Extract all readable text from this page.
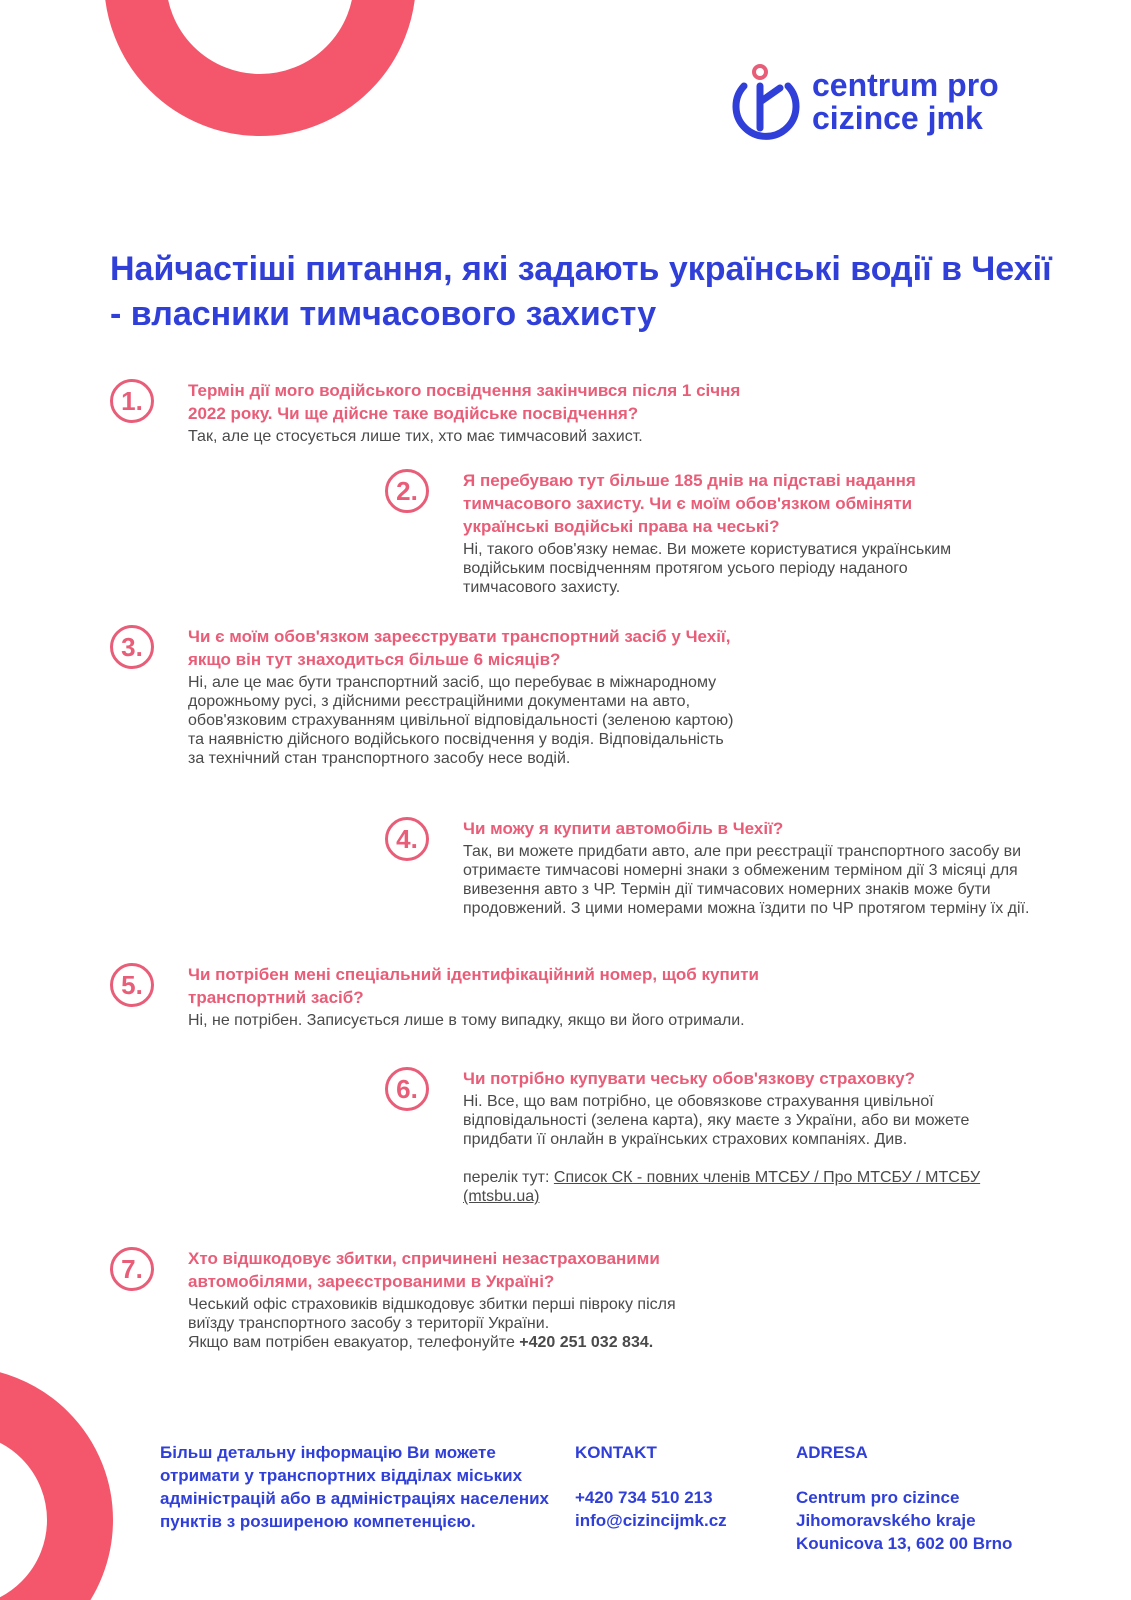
centrum pro
cizince jmk
Найчастіші питання, які задають українські водії в Чехії - власники тимчасового захисту
1.	Термін дії мого водійського посвідчення закінчився після 1 січня 2022 року. Чи ще дійсне таке водійське посвідчення?

Так, але це стосується лише тих, хто має тимчасовий захист.

2.	Я перебуваю тут більше 185 днів на підставі надання тимчасового захисту. Чи є моїм обов'язком обміняти українські водійські права на чеські?

Ні, такого обов'язку немає. Ви можете користуватися українським водійським посвідченням протягом усього періоду наданого тимчасового захисту.

3.	Чи є моїм обов'язком зареєструвати транспортний засіб у Чехії, якщо він тут знаходиться більше 6 місяців?

Ні, але це має бути транспортний засіб, що перебуває в міжнародному дорожньому русі, з дійсними реєстраційними документами на авто, обов'язковим страхуванням цивільної відповідальності (зеленою картою) та наявністю дійсного водійського посвідчення у водія. Відповідальність за технічний стан транспортного засобу несе водій.

4.	Чи можу я купити автомобіль в Чехії?

Так, ви можете придбати авто, але при реєстрації транспортного засобу ви отримаєте тимчасові номерні знаки з обмеженим терміном дії 3 місяці для вивезення авто з ЧР. Термін дії тимчасових номерних знаків може бути продовжений. З цими номерами можна їздити по ЧР протягом терміну їх дії.

5.	Чи потрібен мені спеціальний ідентифікаційний номер, щоб купити транспортний засіб?

Ні, не потрібен. Записується лише в тому випадку, якщо ви його отримали.

6.	Чи потрібно купувати чеську обов'язкову страховку?

Ні. Все, що вам потрібно, це обовязкове страхування цивільної відповідальності (зелена карта), яку маєте з України, або ви можете придбати її онлайн в українських страхових компаніях. Див.

перелік тут: Список СК - повних членів МТСБУ / Про МТСБУ / МТСБУ (mtsbu.ua)

7.	Хто відшкодовує збитки, спричинені незастрахованими автомобілями, зареєстрованими в Україні?

Чеський офіс страховиків відшкодовує збитки перші півроку після виїзду транспортного засобу з території України.

Якщо вам потрібен евакуатор, телефонуйте +420 251 032 834.

Більш детальну інформацію Ви можете отримати у транспортних відділах міських адміністрацій або в адміністраціях населених пунктів з розширеною компетенцією.

KONTAKT

+420 734 510 213

info@cizincijmk.cz

ADRESA

Centrum pro cizince

Jihomoravského kraje

Kounicova 13, 602 00 Brno
